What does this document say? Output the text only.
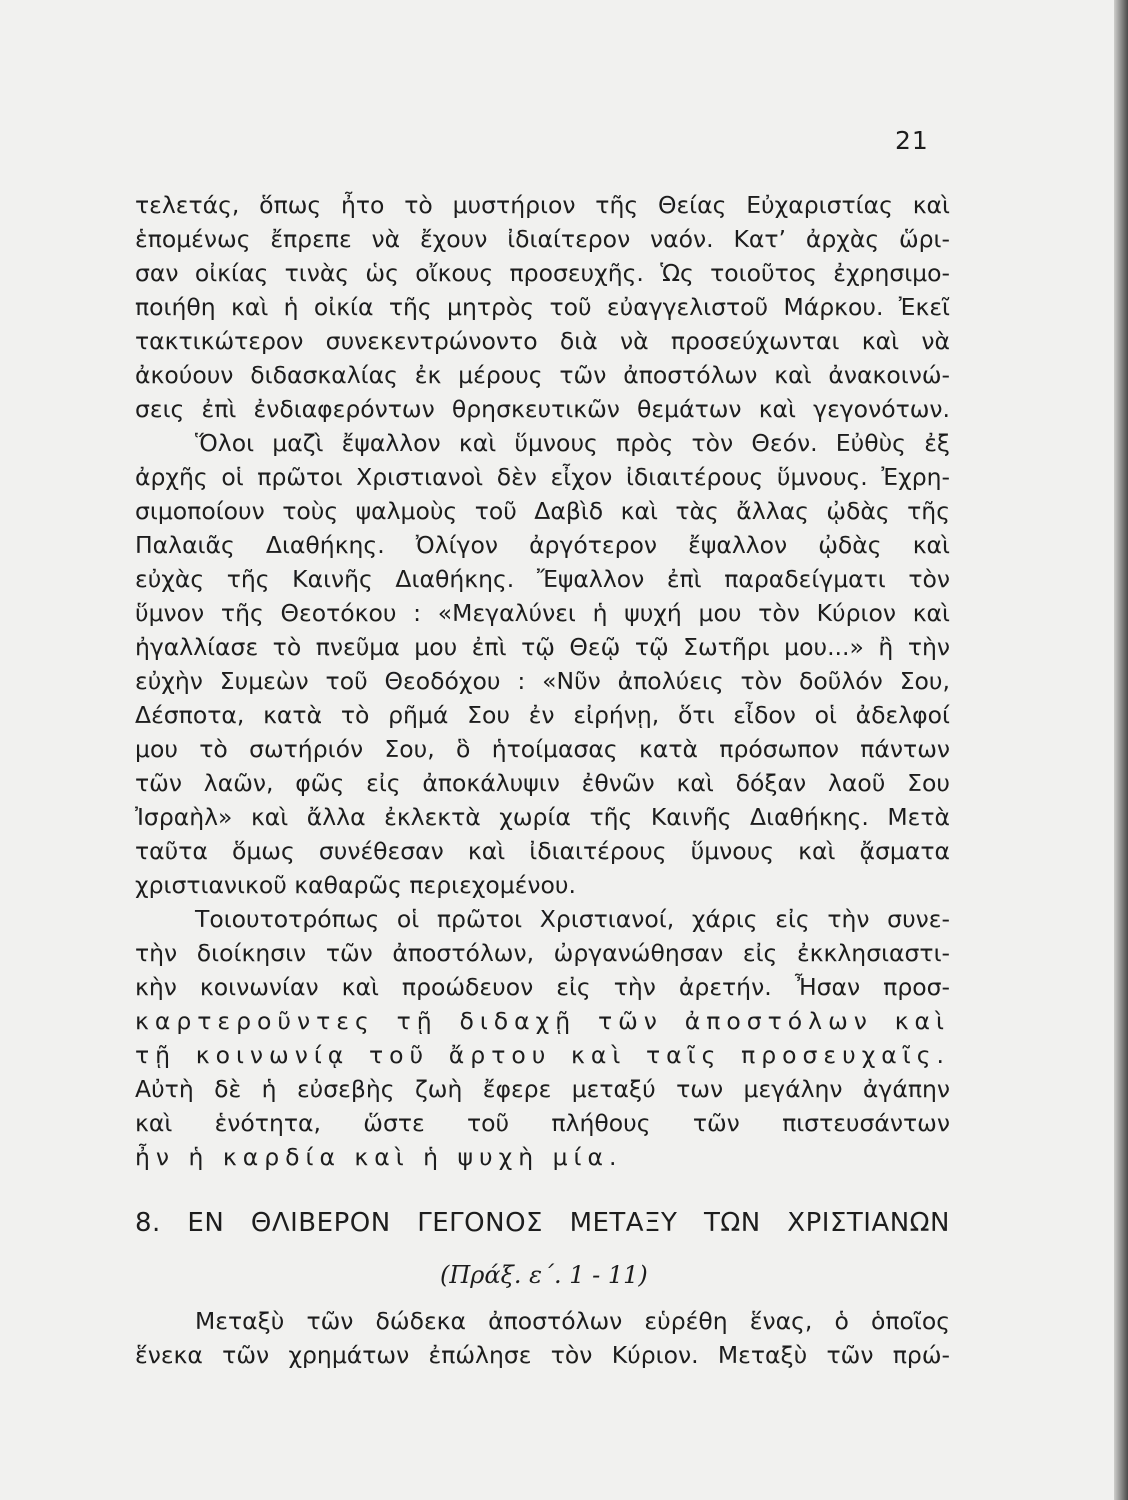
21
τελετάς, ὅπως ἦτο τὸ μυστήριον τῆς Θείας Εὐχαριστίας καὶ
ἑπομένως ἔπρεπε νὰ ἔχουν ἰδιαίτερον ναόν. Κατ’ ἀρχὰς ὥρι-
σαν οἰκίας τινὰς ὡς οἴκους προσευχῆς. Ὡς τοιοῦτος ἐχρησιμο-
ποιήθη καὶ ἡ οἰκία τῆς μητρὸς τοῦ εὐαγγελιστοῦ Μάρκου. Ἐκεῖ
τακτικώτερον συνεκεντρώνοντο διὰ νὰ προσεύχωνται καὶ νὰ
ἀκούουν διδασκαλίας ἐκ μέρους τῶν ἀποστόλων καὶ ἀνακοινώ-
σεις ἐπὶ ἐνδιαφερόντων θρησκευτικῶν θεμάτων καὶ γεγονότων.
Ὅλοι μαζὶ ἔψαλλον καὶ ὕμνους πρὸς τὸν Θεόν. Εὐθὺς ἐξ
ἀρχῆς οἱ πρῶτοι Χριστιανοὶ δὲν εἶχον ἰδιαιτέρους ὕμνους. Ἐχρη-
σιμοποίουν τοὺς ψαλμοὺς τοῦ Δαβὶδ καὶ τὰς ἄλλας ᾠδὰς τῆς
Παλαιᾶς Διαθήκης. Ὀλίγον ἀργότερον ἔψαλλον ᾠδὰς καὶ
εὐχὰς τῆς Καινῆς Διαθήκης. Ἔψαλλον ἐπὶ παραδείγματι τὸν
ὕμνον τῆς Θεοτόκου : «Μεγαλύνει ἡ ψυχή μου τὸν Κύριον καὶ
ἠγαλλίασε τὸ πνεῦμα μου ἐπὶ τῷ Θεῷ τῷ Σωτῆρι μου...» ἢ τὴν
εὐχὴν Συμεὼν τοῦ Θεοδόχου : «Νῦν ἀπολύεις τὸν δοῦλόν Σου,
Δέσποτα, κατὰ τὸ ρῆμά Σου ἐν εἰρήνῃ, ὅτι εἶδον οἱ ἀδελφοί
μου τὸ σωτήριόν Σου, ὃ ἡτοίμασας κατὰ πρόσωπον πάντων
τῶν λαῶν, φῶς εἰς ἀποκάλυψιν ἐθνῶν καὶ δόξαν λαοῦ Σου
Ἰσραὴλ» καὶ ἄλλα ἐκλεκτὰ χωρία τῆς Καινῆς Διαθήκης. Μετὰ
ταῦτα ὅμως συνέθεσαν καὶ ἰδιαιτέρους ὕμνους καὶ ᾄσματα
χριστιανικοῦ καθαρῶς περιεχομένου.
Τοιουτοτρόπως οἱ πρῶτοι Χριστιανοί, χάρις εἰς τὴν συνε-
τὴν διοίκησιν τῶν ἀποστόλων, ὠργανώθησαν εἰς ἐκκλησιαστι-
κὴν κοινωνίαν καὶ προώδευον εἰς τὴν ἀρετήν. Ἦσαν προσ-
καρτεροῦντες τῇ διδαχῇ τῶν ἀποστόλων καὶ
τῇ κοινωνίᾳ τοῦ ἄρτου καὶ ταῖς προσευχαῖς.
Αὐτὴ δὲ ἡ εὐσεβὴς ζωὴ ἔφερε μεταξύ των μεγάλην ἀγάπην
καὶ ἑνότητα, ὥστε τοῦ πλήθους τῶν πιστευσάντων
ἦν ἡ καρδία καὶ ἡ ψυχὴ μία.
8. ΕΝ ΘΛΙΒΕΡΟΝ ΓΕΓΟΝΟΣ ΜΕΤΑΞΥ ΤΩΝ ΧΡΙΣΤΙΑΝΩΝ
(Πράξ. ε΄. 1 - 11)
Μεταξὺ τῶν δώδεκα ἀποστόλων εὑρέθη ἕνας, ὁ ὁποῖος
ἕνεκα τῶν χρημάτων ἐπώλησε τὸν Κύριον. Μεταξὺ τῶν πρώ-
